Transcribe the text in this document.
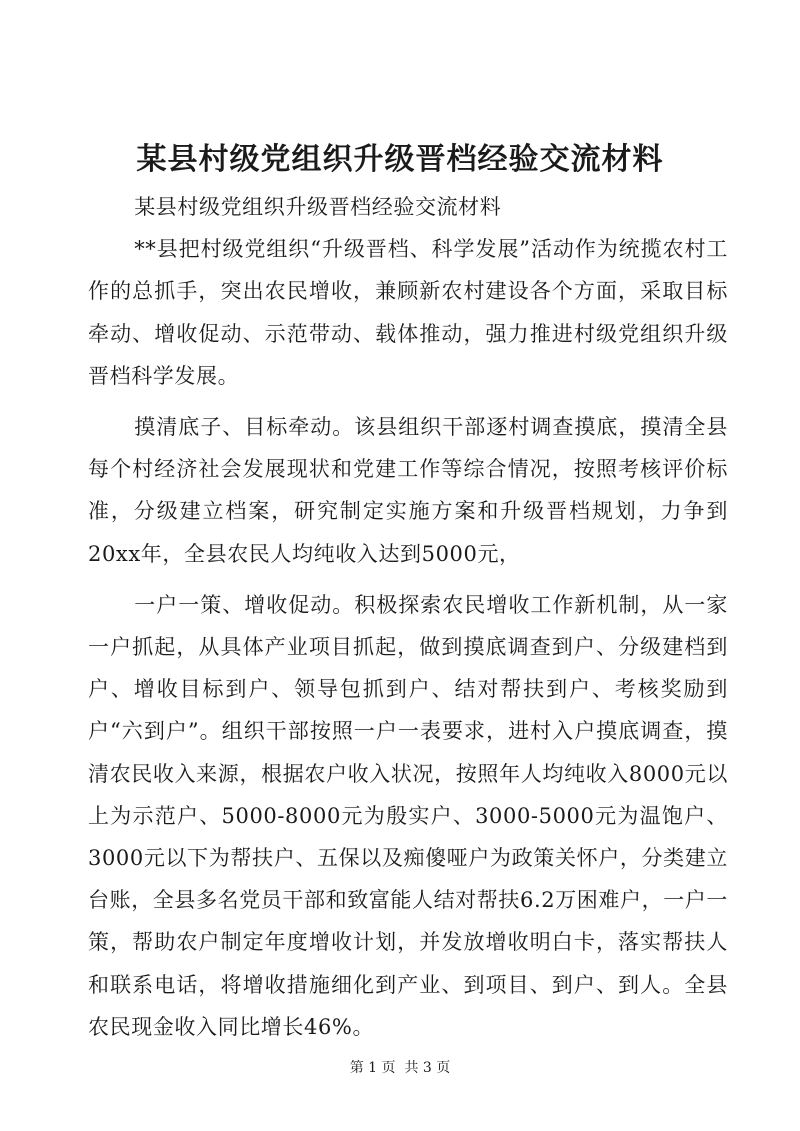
某县村级党组织升级晋档经验交流材料

某县村级党组织升级晋档经验交流材料

**县把村级党组织“升级晋档、科学发展”活动作为统揽农村工作的总抓手，突出农民增收，兼顾新农村建设各个方面，采取目标牵动、增收促动、示范带动、载体推动，强力推进村级党组织升级晋档科学发展。

摸清底子、目标牵动。该县组织干部逐村调查摸底，摸清全县每个村经济社会发展现状和党建工作等综合情况，按照考核评价标准，分级建立档案，研究制定实施方案和升级晋档规划，力争到20xx年，全县农民人均纯收入达到5000元，

一户一策、增收促动。积极探索农民增收工作新机制，从一家一户抓起，从具体产业项目抓起，做到摸底调查到户、分级建档到户、增收目标到户、领导包抓到户、结对帮扶到户、考核奖励到户“六到户”。组织干部按照一户一表要求，进村入户摸底调查，摸清农民收入来源，根据农户收入状况，按照年人均纯收入8000元以上为示范户、5000-8000元为殷实户、3000-5000元为温饱户、3000元以下为帮扶户、五保以及痴傻哑户为政策关怀户，分类建立台账，全县多名党员干部和致富能人结对帮扶6.2万困难户，一户一策，帮助农户制定年度增收计划，并发放增收明白卡，落实帮扶人和联系电话，将增收措施细化到产业、到项目、到户、到人。全县农民现金收入同比增长46%。

第 1 页  共 3 页
